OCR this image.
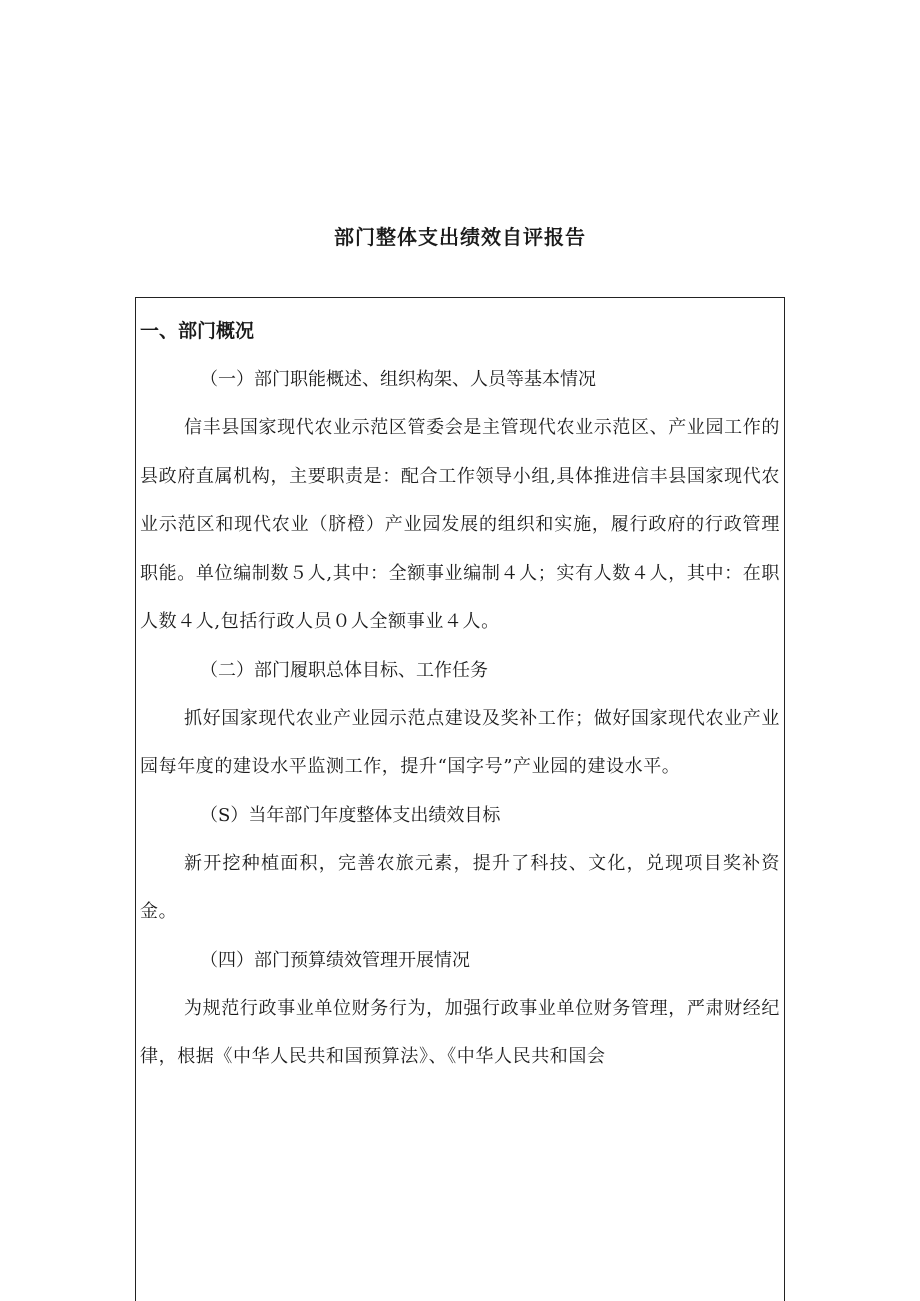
部门整体支出绩效自评报告
一、部门概况

（一）部门职能概述、组织构架、人员等基本情况

信丰县国家现代农业示范区管委会是主管现代农业示范区、产业园工作的县政府直属机构，主要职责是：配合工作领导小组,具体推进信丰县国家现代农业示范区和现代农业（脐橙）产业园发展的组织和实施，履行政府的行政管理职能。单位编制数５人,其中：全额事业编制４人；实有人数４人，其中：在职人数４人,包括行政人员０人全额事业４人。

（二）部门履职总体目标、工作任务

抓好国家现代农业产业园示范点建设及奖补工作；做好国家现代农业产业园每年度的建设水平监测工作，提升“国字号”产业园的建设水平。

（S）当年部门年度整体支出绩效目标

新开挖种植面积，完善农旅元素，提升了科技、文化，兑现项目奖补资金。

（四）部门预算绩效管理开展情况

为规范行政事业单位财务行为，加强行政事业单位财务管理，严肃财经纪律，根据《中华人民共和国预算法》、《中华人民共和国会
